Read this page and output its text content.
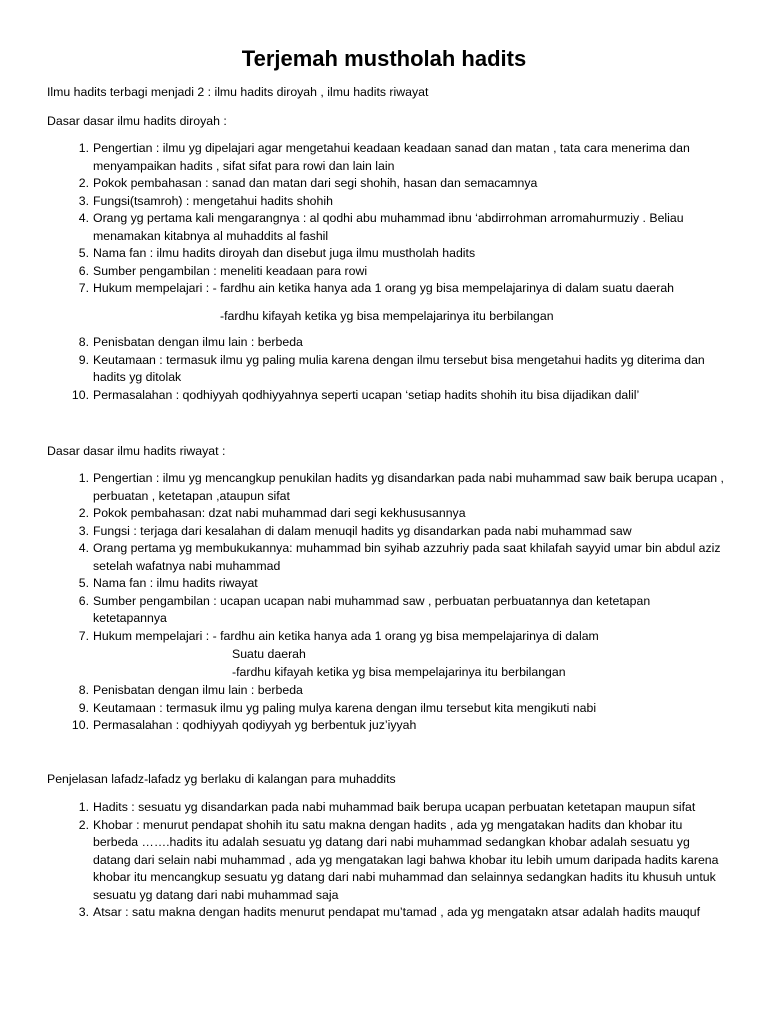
Terjemah mustholah hadits

Ilmu hadits terbagi menjadi 2 : ilmu hadits diroyah , ilmu hadits riwayat

Dasar dasar ilmu hadits diroyah :

1. Pengertian : ilmu yg dipelajari agar mengetahui keadaan keadaan sanad dan matan , tata cara menerima dan menyampaikan hadits , sifat sifat para rowi dan lain lain
2. Pokok pembahasan : sanad dan matan dari segi shohih, hasan dan semacamnya
3. Fungsi(tsamroh) : mengetahui hadits shohih
4. Orang yg pertama kali mengarangnya : al qodhi abu muhammad ibnu ‘abdirrohman arromahurmuziy . Beliau menamakan kitabnya al muhaddits al fashil
5. Nama fan : ilmu hadits diroyah dan disebut juga ilmu mustholah hadits
6. Sumber pengambilan : meneliti keadaan para rowi
7. Hukum mempelajari : - fardhu ain ketika hanya ada 1 orang yg bisa mempelajarinya di dalam suatu daerah

-fardhu kifayah ketika yg bisa mempelajarinya itu berbilangan

8. Penisbatan dengan ilmu lain : berbeda
9. Keutamaan : termasuk ilmu yg paling mulia karena dengan ilmu tersebut bisa mengetahui hadits yg diterima dan hadits yg ditolak
10. Permasalahan : qodhiyyah qodhiyyahnya seperti ucapan ‘setiap hadits shohih itu bisa dijadikan dalil’

Dasar dasar ilmu hadits riwayat :

1. Pengertian : ilmu yg mencangkup penukilan hadits yg disandarkan pada nabi muhammad saw baik berupa ucapan , perbuatan , ketetapan ,ataupun sifat
2. Pokok pembahasan: dzat nabi muhammad dari segi kekhususannya
3. Fungsi : terjaga dari kesalahan di dalam menuqil hadits yg disandarkan pada nabi muhammad saw
4. Orang pertama yg membukukannya: muhammad bin syihab azzuhriy pada saat khilafah sayyid umar bin abdul aziz setelah wafatnya nabi muhammad
5. Nama fan : ilmu hadits riwayat
6. Sumber pengambilan : ucapan ucapan nabi muhammad saw , perbuatan perbuatannya dan ketetapan ketetapannya
7. Hukum mempelajari : - fardhu ain ketika hanya ada 1 orang yg bisa mempelajarinya di dalam

Suatu daerah

-fardhu kifayah ketika yg bisa mempelajarinya itu berbilangan

8. Penisbatan dengan ilmu lain : berbeda
9. Keutamaan : termasuk ilmu yg paling mulya karena dengan ilmu tersebut kita mengikuti nabi
10. Permasalahan : qodhiyyah qodiyyah yg berbentuk juz’iyyah

Penjelasan lafadz-lafadz yg berlaku di kalangan para muhaddits

1. Hadits : sesuatu yg disandarkan pada nabi muhammad baik berupa ucapan perbuatan ketetapan maupun sifat
2. Khobar : menurut pendapat shohih itu satu makna dengan hadits , ada yg mengatakan hadits dan khobar itu berbeda …….hadits itu adalah sesuatu yg datang dari nabi muhammad sedangkan khobar adalah sesuatu yg datang dari selain nabi muhammad , ada yg mengatakan lagi bahwa khobar itu lebih umum daripada hadits karena khobar itu mencangkup sesuatu yg datang dari nabi muhammad dan selainnya sedangkan hadits itu khusuh untuk sesuatu yg datang dari nabi muhammad saja
3. Atsar : satu makna dengan hadits menurut pendapat mu’tamad , ada yg mengatakn atsar adalah hadits mauquf
